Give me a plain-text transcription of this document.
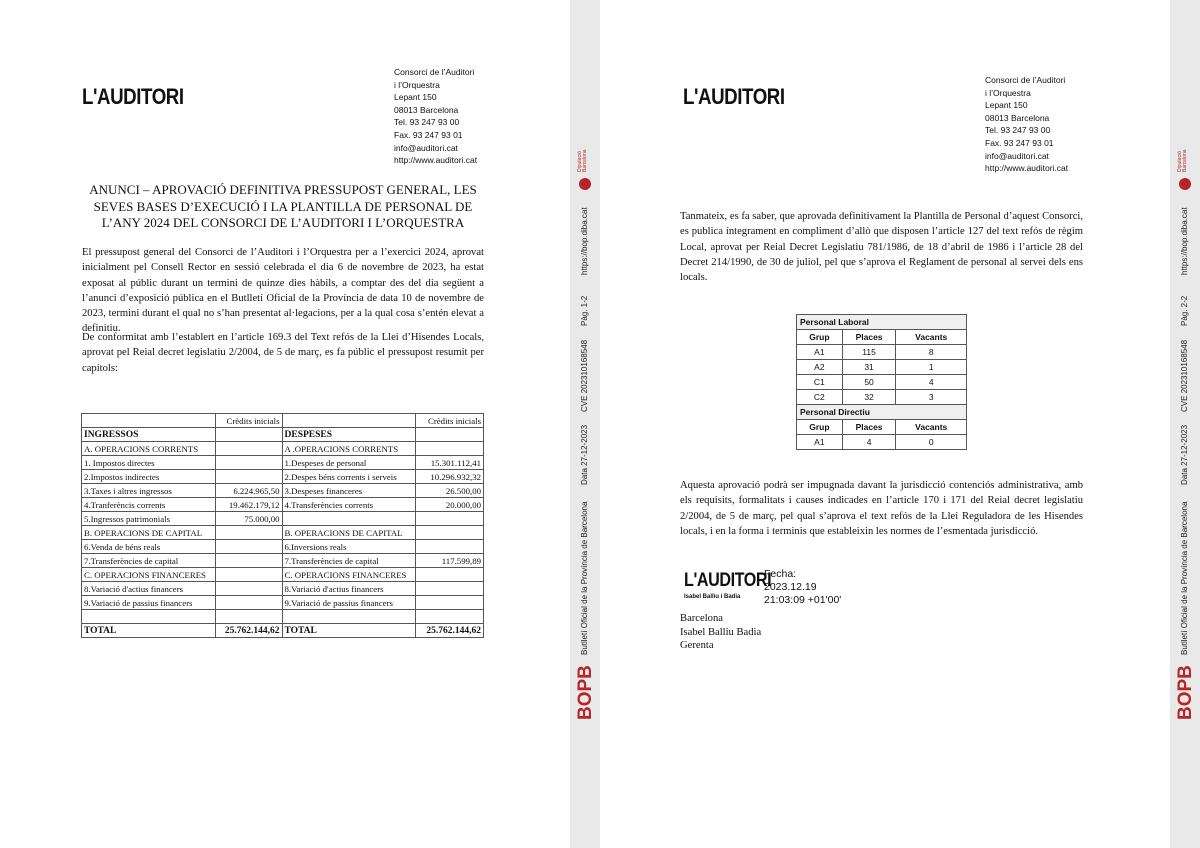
L'AUDITORI
Consorci de l’Auditori
i l’Orquestra
Lepant 150
08013 Barcelona
Tel. 93 247 93 00
Fax. 93 247 93 01
info@auditori.cat
http://www.auditori.cat
ANUNCI – APROVACIÓ DEFINITIVA PRESSUPOST GENERAL, LES SEVES BASES D’EXECUCIÓ I LA PLANTILLA DE PERSONAL DE L’ANY 2024 DEL CONSORCI DE L’AUDITORI I L’ORQUESTRA
El pressupost general del Consorci de l’Auditori i l’Orquestra per a l’exercici 2024, aprovat inicialment pel Consell Rector en sessió celebrada el dia 6 de novembre de 2023, ha estat exposat al públic durant un termini de quinze dies hàbils, a comptar des del dia següent a l’anunci d’exposició pública en el Butlletí Oficial de la Província de data 10 de novembre de 2023, termini durant el qual no s’han presentat al·legacions, per a la qual cosa s’entén elevat a definitiu.
De conformitat amb l’establert en l’article 169.3 del Text refós de la Llei d’Hisendes Locals, aprovat pel Reial decret legislatiu 2/2004, de 5 de març, es fa públic el pressupost resumit per capítols:
	Crèdits inicials		Crèdits inicials
INGRESSOS		DESPESES	
A. OPERACIONS CORRENTS		A .OPERACIONS CORRENTS	
1. Impostos directes		1.Despeses de personal	15.301.112,41
2.Impostos indirectes		2.Despes béns corrents i serveis	10.296.932,32
3.Taxes i altres ingressos	6.224.965,50	3.Despeses financeres	26.500,00
4.Tranferèncis corrents	19.462.179,12	4.Transferències corrents	20.000,00
5.Ingressos patrimonials	75.000,00		
B. OPERACIONS DE CAPITAL		B. OPERACIONS DE CAPITAL	
6.Venda de béns reals		6.Inversions reals	
7.Transferències de capital		7.Transferències de capital	117.599,89
C. OPERACIONS FINANCERES		C. OPERACIONS FINANCERES	
8.Variació d'actius financers		8.Variació d'actius financers	
9.Variació de passius financers		9.Variació de passius financers	

TOTAL	25.762.144,62	TOTAL	25.762.144,62
BOPB
Butlletí Oficial de la Província de Barcelona
Data 27-12-2023
CVE 202310168548
Pàg. 1-2
https://bop.diba.cat
Diputació Barcelona
L'AUDITORI
Consorci de l’Auditori
i l’Orquestra
Lepant 150
08013 Barcelona
Tel. 93 247 93 00
Fax. 93 247 93 01
info@auditori.cat
http://www.auditori.cat
Tanmateix, es fa saber, que aprovada definitivament la Plantilla de Personal d’aquest Consorci, es publica íntegrament en compliment d’allò que disposen l’article 127 del text refós de règim Local, aprovat per Reial Decret Legislatiu 781/1986, de 18 d’abril de 1986 i l’article 28 del Decret 214/1990, de 30 de juliol, pel que s’aprova el Reglament de personal al servei dels ens locals.
Personal Laboral		
Grup	Places	Vacants
A1	115	8
A2	31	1
C1	50	4
C2	32	3
Personal Directiu		
Grup	Places	Vacants
A1	4	0
Aquesta aprovació podrà ser impugnada davant la jurisdicció contenciós administrativa, amb els requisits, formalitats i causes indicades en l’article 170 i 171 del Reial decret legislatiu 2/2004, de 5 de març, pel qual s’aprova el text refós de la Llei Reguladora de les Hisendes locals, i en la forma i terminis que estableixin les normes de l’esmentada jurisdicció.
L'AUDITORI
Isabel Ballìu i Badia
Fecha:
2023.12.19
21:03:09 +01'00'
Barcelona
Isabel Balliu Badia
Gerenta
BOPB
Butlletí Oficial de la Província de Barcelona
Data 27-12-2023
CVE 202310168548
Pàg. 2-2
https://bop.diba.cat
Diputació Barcelona
